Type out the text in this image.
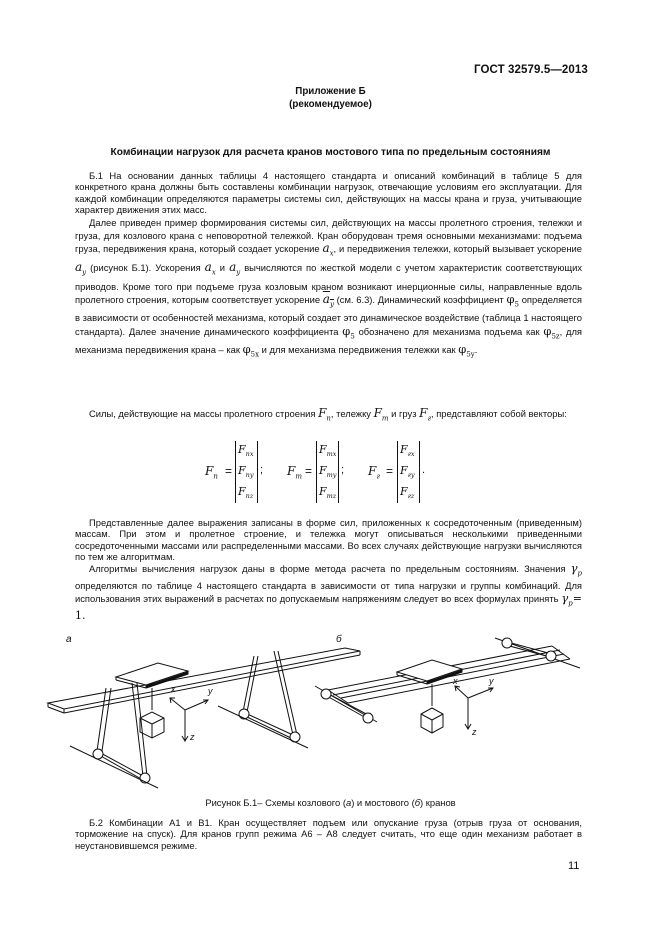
ГОСТ 32579.5—2013
Приложение Б
(рекомендуемое)
Комбинации нагрузок для расчета кранов мостового типа по предельным состояниям

Б.1 На основании данных таблицы 4 настоящего стандарта и описаний комбинаций в таблице 5 для конкретного крана должны быть составлены комбинации нагрузок, отвечающие условиям его эксплуатации. Для каждой комбинации определяются параметры системы сил, действующих на массы крана и груза, учитывающие характер движения этих масс.

Далее приведен пример формирования системы сил, действующих на массы пролетного строения, тележки и груза, для козлового крана с неповоротной тележкой. Кран оборудован тремя основными механизмами: подъема груза, передвижения крана, который создает ускорение $a_x$, и передвижения тележки, который вызывает ускорение $a_y$ (рисунок Б.1). Ускорения $a_x$ и $a_y$ вычисляются по жесткой модели с учетом характеристик соответствующих приводов. Кроме того при подъеме груза козловым краном возникают инерционные силы, направленные вдоль пролетного строения, которым соответствует ускорение $a_y$ (см. 6.3). Динамический коэффициент $\varphi_5$ определяется в зависимости от особенностей механизма, который создает это динамическое воздействие (таблица 1 настоящего стандарта). Далее значение динамического коэффициента $\varphi_5$ обозначено для механизма подъема как $\varphi_{5z}$, для механизма передвижения крана – как $\varphi_{5x}$ и для механизма передвижения тележки как $\varphi_{5y}$.

Силы, действующие на массы пролетного строения $F_п$, тележку $F_т$ и груз $F_г$, представляют собой векторы:

$F_п$ =
$F_{пx}$
$F_{пy}$
$F_{пz}$
; $F_т$ =
$F_{тx}$
$F_{тy}$
$F_{тz}$
; $F_г$ =
$F_{гx}$
$F_{гy}$
$F_{гz}$
.

Представленные далее выражения записаны в форме сил, приложенных к сосредоточенным (приведенным) массам. При этом и пролетное строение, и тележка могут описываться несколькими приведенными сосредоточенными массами или распределенными массами. Во всех случаях действующие нагрузки вычисляются по тем же алгоритмам.

Алгоритмы вычисления нагрузок даны в форме метода расчета по предельным состояниям. Значения $\gamma_p$ определяются по таблице 4 настоящего стандарта в зависимости от типа нагрузки и группы комбинаций. Для использования этих выражений в расчетах по допускаемым напряжениям следует во всех формулах принять $\gamma_p= 1$.

а	б
x	y
z
x	y
z
Рисунок Б.1– Схемы козлового (а) и мостового (б) кранов

Б.2 Комбинации А1 и В1. Кран осуществляет подъем или опускание груза (отрыв груза от основания, торможение на спуск). Для кранов групп режима А6 – А8 следует считать, что еще один механизм работает в неустановившемся режиме.

11
